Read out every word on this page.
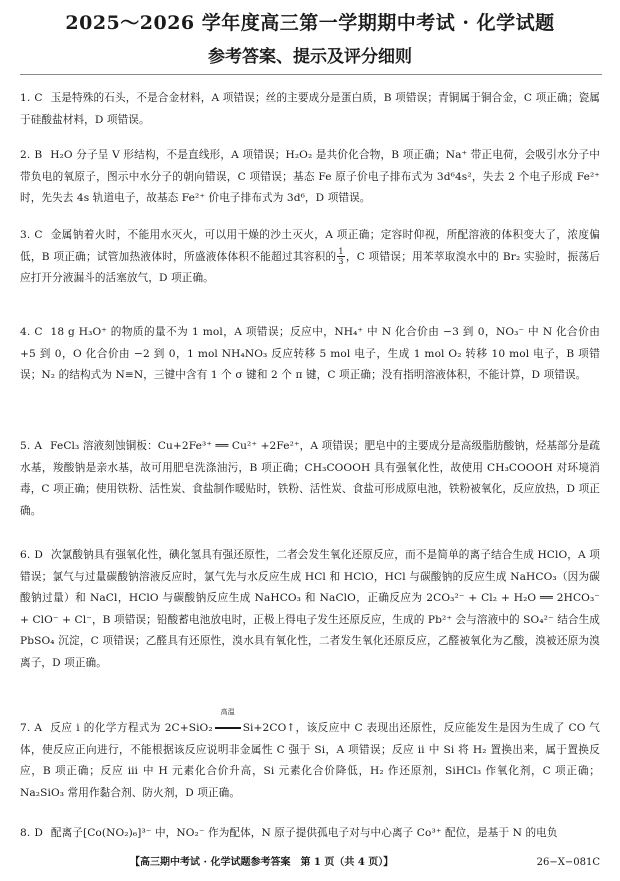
2025～2026 学年度高三第一学期期中考试 · 化学试题
参考答案、提示及评分细则
1. C 玉是特殊的石头，不是合金材料，A 项错误；丝的主要成分是蛋白质，B 项错误；青铜属于铜合金，C 项正确；瓷属于硅酸盐材料，D 项错误。
2. B H₂O 分子呈 V 形结构，不是直线形，A 项错误；H₂O₂ 是共价化合物，B 项正确；Na⁺ 带正电荷，会吸引水分子中带负电的氧原子，图示中水分子的朝向错误，C 项错误；基态 Fe 原子价电子排布式为 3d⁶4s²，失去 2 个电子形成 Fe²⁺ 时，先失去 4s 轨道电子，故基态 Fe²⁺ 价电子排布式为 3d⁶，D 项错误。
3. C 金属钠着火时，不能用水灭火，可以用干燥的沙土灭火，A 项正确；定容时仰视，所配溶液的体积变大了，浓度偏低，B 项正确；试管加热液体时，所盛液体体积不能超过其容积的 $\frac{1}{3}$ ，C 项错误；用苯萃取溴水中的 Br₂ 实验时，振荡后应打开分液漏斗的活塞放气，D 项正确。
4. C 18 g H₃O⁺ 的物质的量不为 1 mol，A 项错误；反应中，NH₄⁺ 中 N 化合价由 −3 到 0，NO₃⁻ 中 N 化合价由 +5 到 0，O 化合价由 −2 到 0，1 mol NH₄NO₃ 反应转移 5 mol 电子，生成 1 mol O₂ 转移 10 mol 电子，B 项错误；N₂ 的结构式为 N≡N，三键中含有 1 个 σ 键和 2 个 π 键，C 项正确；没有指明溶液体积，不能计算，D 项错误。
5. A FeCl₃ 溶液刻蚀铜板：Cu+2Fe³⁺ ══ Cu²⁺ +2Fe²⁺，A 项错误；肥皂中的主要成分是高级脂肪酸钠，烃基部分是疏水基，羧酸钠是亲水基，故可用肥皂洗涤油污，B 项正确；CH₃COOOH 具有强氧化性，故使用 CH₃COOOH 对环境消毒，C 项正确；使用铁粉、活性炭、食盐制作暖贴时，铁粉、活性炭、食盐可形成原电池，铁粉被氧化，反应放热，D 项正确。
6. D 次氯酸钠具有强氧化性，碘化氢具有强还原性，二者会发生氧化还原反应，而不是简单的离子结合生成 HClO，A 项错误；氯气与过量碳酸钠溶液反应时，氯气先与水反应生成 HCl 和 HClO，HCl 与碳酸钠的反应生成 NaHCO₃（因为碳酸钠过量）和 NaCl，HClO 与碳酸钠反应生成 NaHCO₃ 和 NaClO，正确反应为 2CO₃²⁻ + Cl₂ + H₂O ══ 2HCO₃⁻ + ClO⁻ + Cl⁻，B 项错误；铅酸蓄电池放电时，正极上得电子发生还原反应，生成的 Pb²⁺ 会与溶液中的 SO₄²⁻ 结合生成 PbSO₄ 沉淀，C 项错误；乙醛具有还原性，溴水具有氧化性，二者发生氧化还原反应，乙醛被氧化为乙酸，溴被还原为溴离子，D 项正确。
7. A 反应 ⅰ 的化学方程式为 2C+SiO₂
高温
Si+2CO↑，该反应中 C 表现出还原性，反应能发生是因为生成了 CO 气体，使反应正向进行，不能根据该反应说明非金属性 C 强于 Si，A 项错误；反应 ⅱ 中 Si 将 H₂ 置换出来，属于置换反应，B 项正确；反应 ⅲ 中 H 元素化合价升高，Si 元素化合价降低，H₂ 作还原剂，SiHCl₃ 作氧化剂，C 项正确；Na₂SiO₃ 常用作黏合剂、防火剂，D 项正确。
8. D 配离子[Co(NO₂)₆]³⁻ 中，NO₂⁻ 作为配体，N 原子提供孤电子对与中心离子 Co³⁺ 配位，是基于 N 的电负
【高三期中考试 · 化学试题参考答案　第 1 页（共 4 页）】	26−X−081C
